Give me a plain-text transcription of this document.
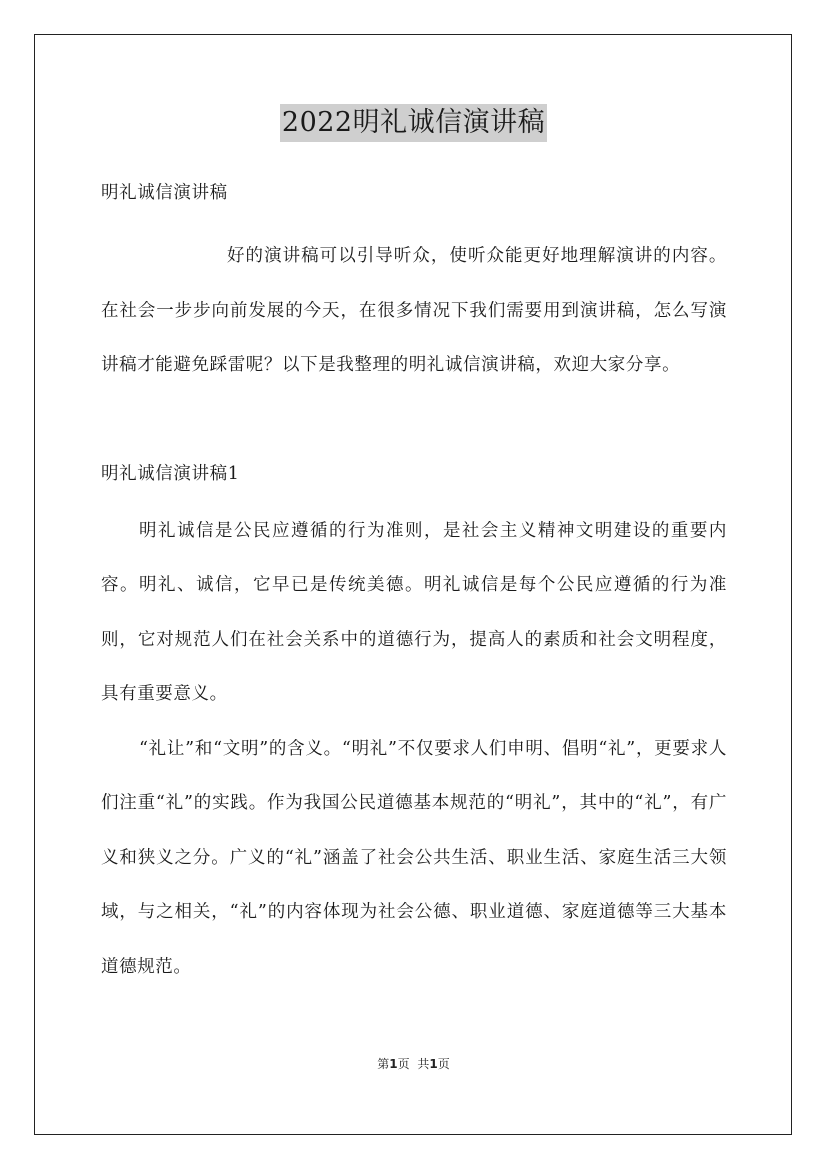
2022明礼诚信演讲稿

明礼诚信演讲稿

好的演讲稿可以引导听众，使听众能更好地理解演讲的内容。在社会一步步向前发展的今天，在很多情况下我们需要用到演讲稿，怎么写演讲稿才能避免踩雷呢？以下是我整理的明礼诚信演讲稿，欢迎大家分享。

明礼诚信演讲稿1

明礼诚信是公民应遵循的行为准则，是社会主义精神文明建设的重要内容。明礼、诚信，它早已是传统美德。明礼诚信是每个公民应遵循的行为准则，它对规范人们在社会关系中的道德行为，提高人的素质和社会文明程度，具有重要意义。

“礼让”和“文明”的含义。“明礼”不仅要求人们申明、倡明“礼”，更要求人们注重“礼”的实践。作为我国公民道德基本规范的“明礼”，其中的“礼”，有广义和狭义之分。广义的“礼”涵盖了社会公共生活、职业生活、家庭生活三大领域，与之相关，“礼”的内容体现为社会公德、职业道德、家庭道德等三大基本道德规范。

第1页 共1页
